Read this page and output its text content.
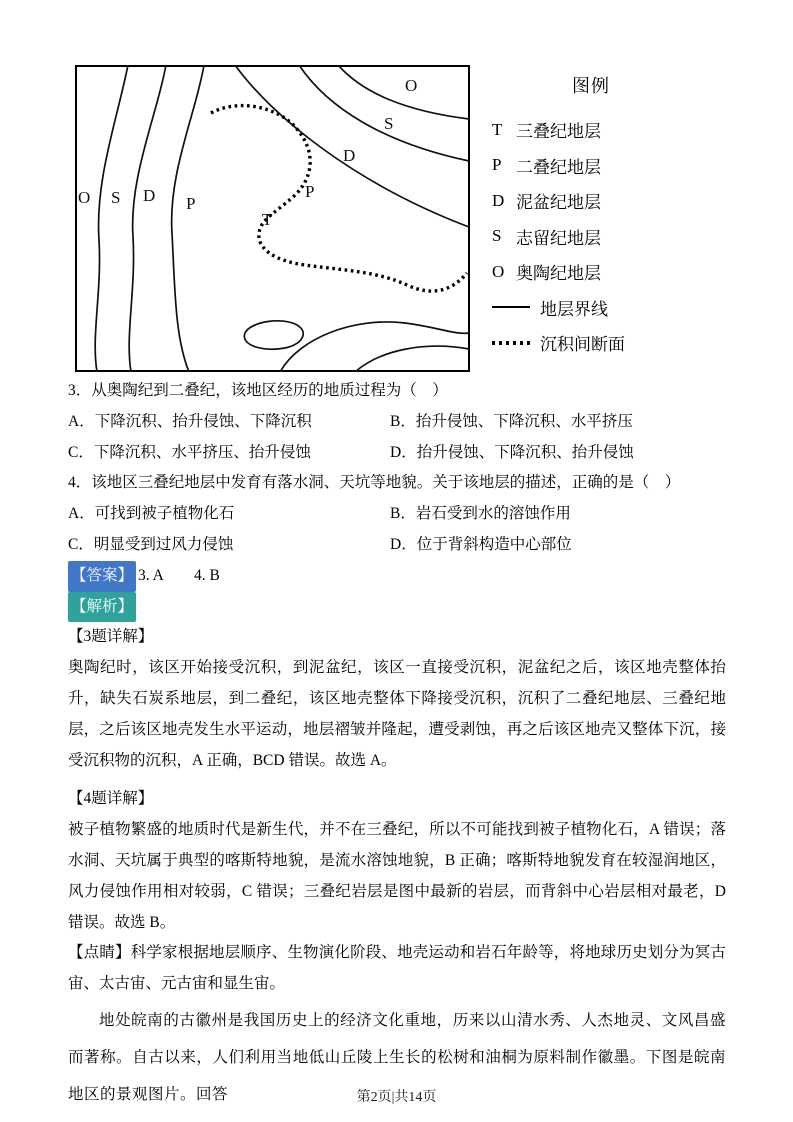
O
S
D
P
T
O S D P
图例
T 三叠纪地层
P 二叠纪地层
D 泥盆纪地层
S 志留纪地层
O 奥陶纪地层
地层界线
沉积间断面

3．从奥陶纪到二叠纪，该地区经历的地质过程为（　）

A．下降沉积、抬升侵蚀、下降沉积	B．抬升侵蚀、下降沉积、水平挤压
C．下降沉积、水平挤压、抬升侵蚀	D．抬升侵蚀、下降沉积、抬升侵蚀

4．该地区三叠纪地层中发育有落水洞、天坑等地貌。关于该地层的描述，正确的是（　）

A．可找到被子植物化石	B．岩石受到水的溶蚀作用
C．明显受到过风力侵蚀	D．位于背斜构造中心部位

【答案】 3. A　　4. B

【解析】

【3题详解】

奥陶纪时，该区开始接受沉积，到泥盆纪，该区一直接受沉积，泥盆纪之后，该区地壳整体抬升，缺失石炭系地层，到二叠纪，该区地壳整体下降接受沉积，沉积了二叠纪地层、三叠纪地层，之后该区地壳发生水平运动，地层褶皱并隆起，遭受剥蚀，再之后该区地壳又整体下沉，接受沉积物的沉积，A 正确，BCD 错误。故选 A。

【4题详解】

被子植物繁盛的地质时代是新生代，并不在三叠纪，所以不可能找到被子植物化石，A 错误；落水洞、天坑属于典型的喀斯特地貌，是流水溶蚀地貌，B 正确；喀斯特地貌发育在较湿润地区，风力侵蚀作用相对较弱，C 错误；三叠纪岩层是图中最新的岩层，而背斜中心岩层相对最老，D 错误。故选 B。

【点睛】科学家根据地层顺序、生物演化阶段、地壳运动和岩石年龄等，将地球历史划分为冥古宙、太古宙、元古宙和显生宙。

地处皖南的古徽州是我国历史上的经济文化重地，历来以山清水秀、人杰地灵、文风昌盛而著称。自古以来，人们利用当地低山丘陵上生长的松树和油桐为原料制作徽墨。下图是皖南地区的景观图片。回答	第2页|共14页
